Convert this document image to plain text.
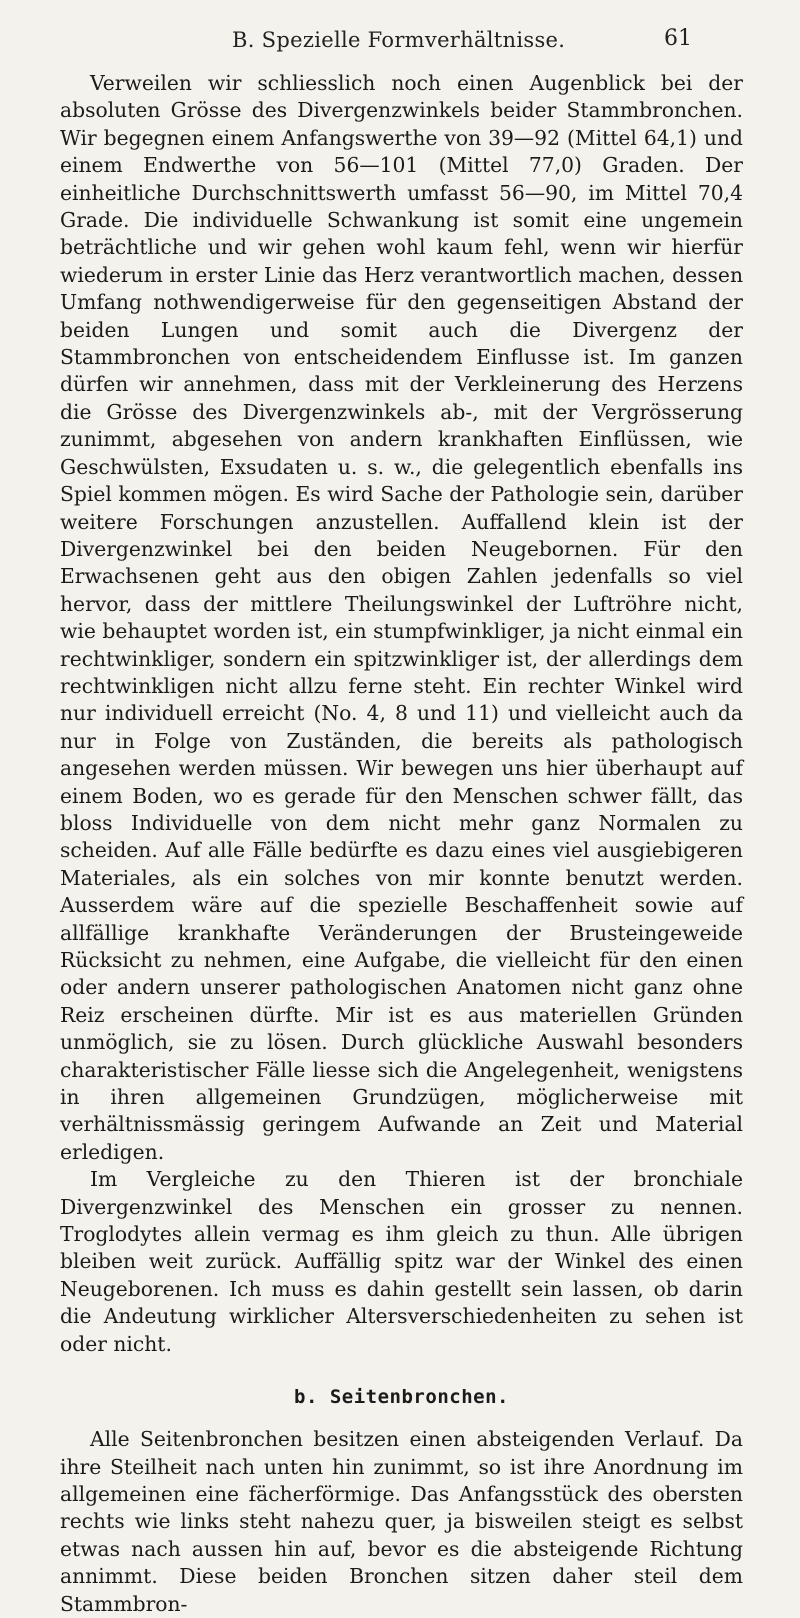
B. Spezielle Formverhältnisse.	61

Verweilen wir schliesslich noch einen Augenblick bei der absoluten Grösse des Divergenzwinkels beider Stammbronchen. Wir begegnen einem Anfangswerthe von 39—92 (Mittel 64,1) und einem Endwerthe von 56—101 (Mittel 77,0) Graden. Der einheitliche Durchschnittswerth umfasst 56—90, im Mittel 70,4 Grade. Die individuelle Schwankung ist somit eine ungemein beträchtliche und wir gehen wohl kaum fehl, wenn wir hierfür wiederum in erster Linie das Herz verantwortlich machen, dessen Umfang nothwendigerweise für den gegenseitigen Abstand der beiden Lungen und somit auch die Divergenz der Stammbronchen von entscheidendem Einflusse ist. Im ganzen dürfen wir annehmen, dass mit der Verkleinerung des Herzens die Grösse des Divergenzwinkels ab-, mit der Vergrösserung zunimmt, abgesehen von andern krankhaften Einflüssen, wie Geschwülsten, Exsudaten u. s. w., die gelegentlich ebenfalls ins Spiel kommen mögen. Es wird Sache der Pathologie sein, darüber weitere Forschungen anzustellen. Auffallend klein ist der Divergenzwinkel bei den beiden Neugebornen. Für den Erwachsenen geht aus den obigen Zahlen jedenfalls so viel hervor, dass der mittlere Theilungswinkel der Luftröhre nicht, wie behauptet worden ist, ein stumpfwinkliger, ja nicht einmal ein rechtwinkliger, sondern ein spitzwinkliger ist, der allerdings dem rechtwinkligen nicht allzu ferne steht. Ein rechter Winkel wird nur individuell erreicht (No. 4, 8 und 11) und vielleicht auch da nur in Folge von Zuständen, die bereits als pathologisch angesehen werden müssen. Wir bewegen uns hier überhaupt auf einem Boden, wo es gerade für den Menschen schwer fällt, das bloss Individuelle von dem nicht mehr ganz Normalen zu scheiden. Auf alle Fälle bedürfte es dazu eines viel ausgiebigeren Materiales, als ein solches von mir konnte benutzt werden. Ausserdem wäre auf die spezielle Beschaffenheit sowie auf allfällige krankhafte Veränderungen der Brusteingeweide Rücksicht zu nehmen, eine Aufgabe, die vielleicht für den einen oder andern unserer pathologischen Anatomen nicht ganz ohne Reiz erscheinen dürfte. Mir ist es aus materiellen Gründen unmöglich, sie zu lösen. Durch glückliche Auswahl besonders charakteristischer Fälle liesse sich die Angelegenheit, wenigstens in ihren allgemeinen Grundzügen, möglicherweise mit verhältnissmässig geringem Aufwande an Zeit und Material erledigen.

Im Vergleiche zu den Thieren ist der bronchiale Divergenzwinkel des Menschen ein grosser zu nennen. Troglodytes allein vermag es ihm gleich zu thun. Alle übrigen bleiben weit zurück. Auffällig spitz war der Winkel des einen Neugeborenen. Ich muss es dahin gestellt sein lassen, ob darin die Andeutung wirklicher Altersverschiedenheiten zu sehen ist oder nicht.

b. Seitenbronchen.

Alle Seitenbronchen besitzen einen absteigenden Verlauf. Da ihre Steilheit nach unten hin zunimmt, so ist ihre Anordnung im allgemeinen eine fächerförmige. Das Anfangsstück des obersten rechts wie links steht nahezu quer, ja bisweilen steigt es selbst etwas nach aussen hin auf, bevor es die absteigende Richtung annimmt. Diese beiden Bronchen sitzen daher steil dem Stammbron-
